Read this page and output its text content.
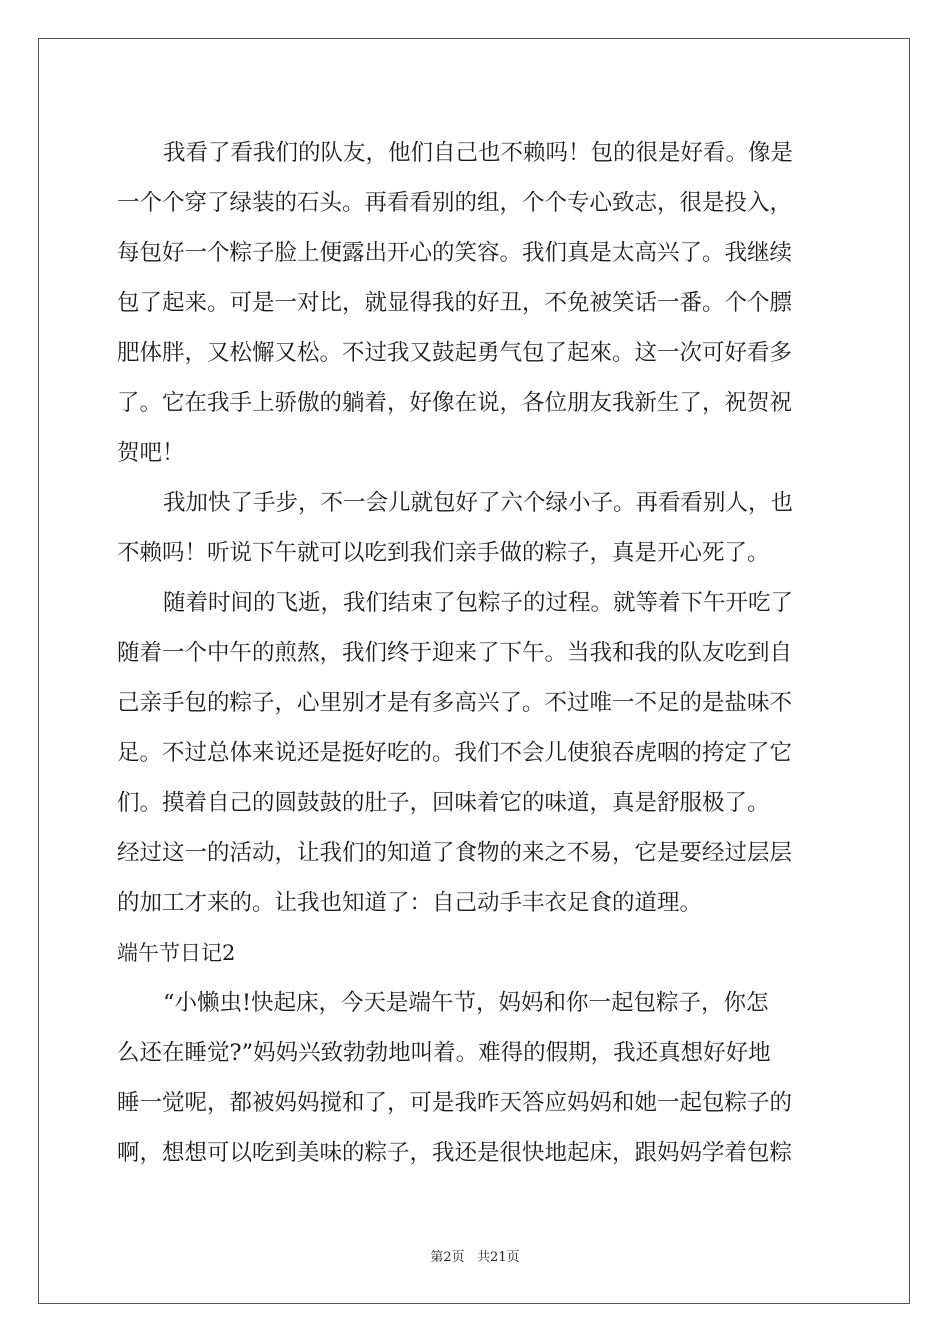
我看了看我们的队友，他们自己也不赖吗！包的很是好看。像是
一个个穿了绿装的石头。再看看别的组，个个专心致志，很是投入，
每包好一个粽子脸上便露出开心的笑容。我们真是太高兴了。我继续
包了起来。可是一对比，就显得我的好丑，不免被笑话一番。个个膘
肥体胖，又松懈又松。不过我又鼓起勇气包了起來。这一次可好看多
了。它在我手上骄傲的躺着，好像在说，各位朋友我新生了，祝贺祝
贺吧！
我加快了手步，不一会儿就包好了六个绿小子。再看看别人，也
不赖吗！听说下午就可以吃到我们亲手做的粽子，真是开心死了。
随着时间的飞逝，我们结束了包粽子的过程。就等着下午开吃了
随着一个中午的煎熬，我们终于迎来了下午。当我和我的队友吃到自
己亲手包的粽子，心里别才是有多高兴了。不过唯一不足的是盐味不
足。不过总体来说还是挺好吃的。我们不会儿使狼吞虎咽的挎定了它
们。摸着自己的圆鼓鼓的肚子，回味着它的味道，真是舒服极了。
经过这一的活动，让我们的知道了食物的来之不易，它是要经过层层
的加工才来的。让我也知道了：自己动手丰衣足食的道理。
端午节日记2
“小懒虫!快起床，今天是端午节，妈妈和你一起包粽子，你怎
么还在睡觉?”妈妈兴致勃勃地叫着。难得的假期，我还真想好好地
睡一觉呢，都被妈妈搅和了，可是我昨天答应妈妈和她一起包粽子的
啊，想想可以吃到美味的粽子，我还是很快地起床，跟妈妈学着包粽
第2页   共21页
